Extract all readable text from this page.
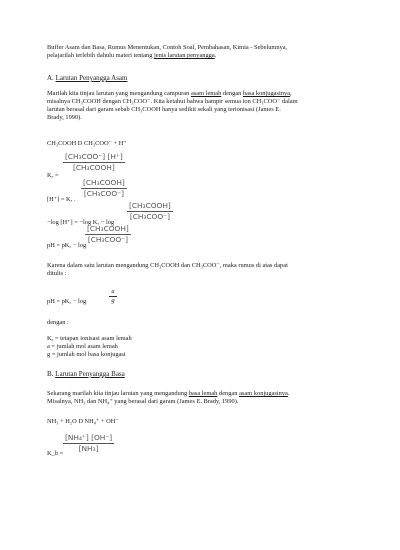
Buffer Asam dan Basa, Rumus Menentukan, Contoh Soal, Pembahasan, Kimia - Sebelumnya,
pelajarilah terlebih dahulu materi tentang jenis larutan penyangga.
A. Larutan Penyangga Asam
Marilah kita tinjau larutan yang mengandung campuran asam lemah dengan basa konjugasinya,
misalnya CH₃COOH dengan CH₃COO⁻. Kita ketahui bahwa hampir semua ion CH₃COO⁻ dalam
larutan berasal dari garam sebab CH₃COOH hanya sedikit sekali yang terionisasi (James E.
Brady, 1990).
CH₃COOH D CH₃COO⁻ + H⁺
Kₐ =
[CH₃COO⁻] [H⁺]
[CH₃COOH]
[H⁺] = Kₐ .
[CH₃COOH]
[CH₃COO⁻]
−log [H⁺] = −log Kₐ − log
[CH₃COOH]
[CH₃COO⁻]
pH = pKₐ − log
[CH₃COOH]
[CH₃COO⁻]
Karena dalam satu larutan mengandung CH₃COOH dan CH₃COO⁻, maka rumus di atas dapat
ditulis :
pH = pKₐ − log
a
g
dengan :
Kₐ = tetapan ionisasi asam lemah
a = jumlah mol asam lemah
g = jumlah mol basa konjugasi
B. Larutan Penyangga Basa
Sekarang marilah kita tinjau larutan yang mengandung basa lemah dengan asam konjugasinya.
Misalnya, NH₃ dan NH₄⁺ yang berasal dari garam (James E. Brady, 1990).
NH₃ + H₂O D NH₄⁺ + OH⁻
K_b =
[NH₄⁺] [OH⁻]
[NH₃]
